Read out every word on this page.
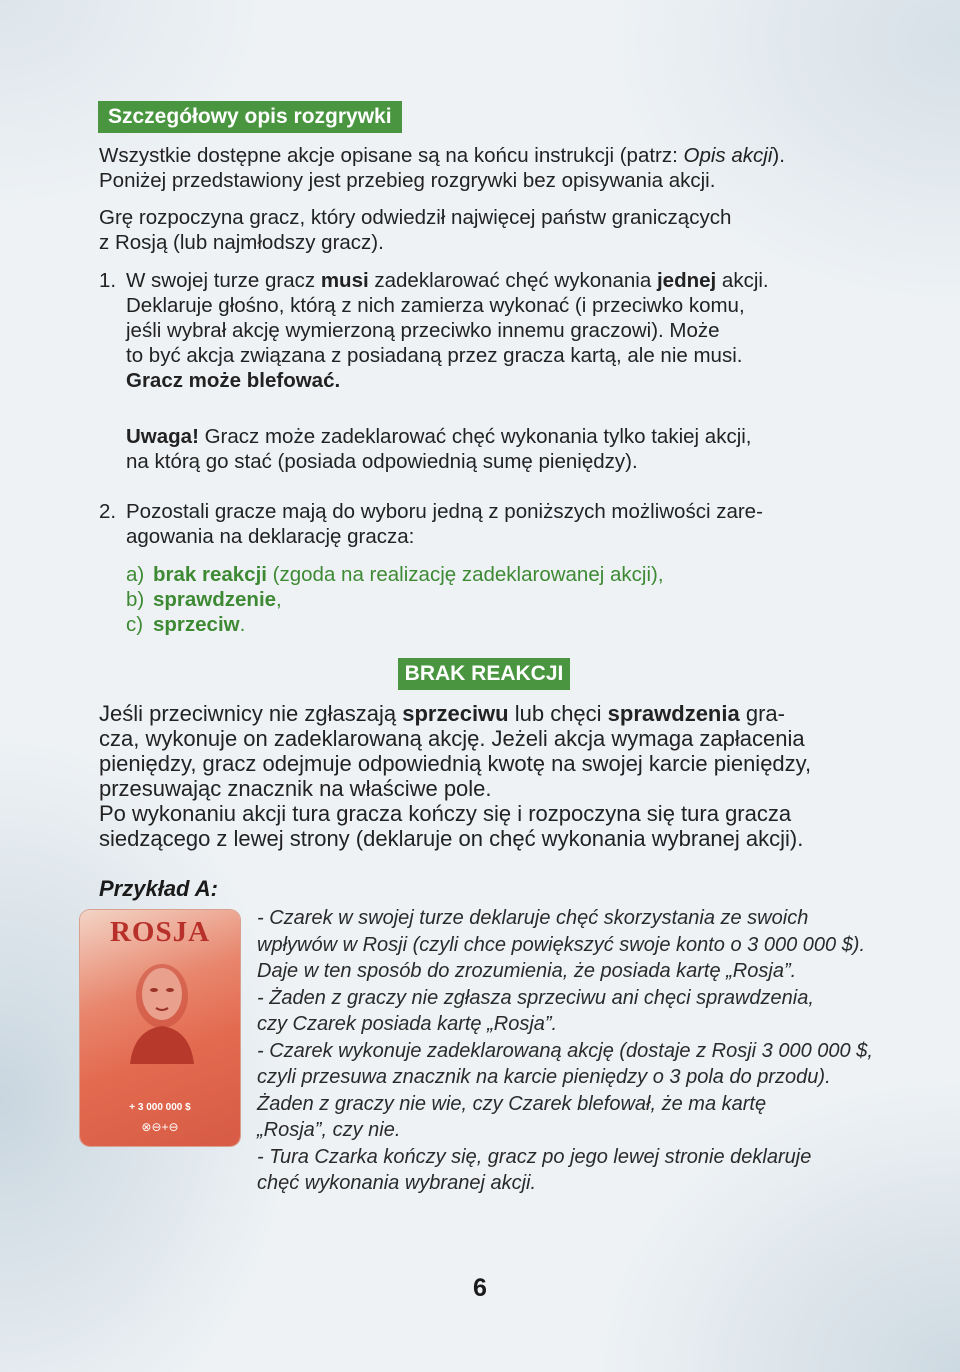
Szczegółowy opis rozgrywki
Wszystkie dostępne akcje opisane są na końcu instrukcji (patrz: Opis akcji).
Poniżej przedstawiony jest przebieg rozgrywki bez opisywania akcji.
Grę rozpoczyna gracz, który odwiedził najwięcej państw graniczących
z Rosją (lub najmłodszy gracz).
1. W swojej turze gracz musi zadeklarować chęć wykonania jednej akcji.
Deklaruje głośno, którą z nich zamierza wykonać (i przeciwko komu,
jeśli wybrał akcję wymierzoną przeciwko innemu graczowi). Może
to być akcja związana z posiadaną przez gracza kartą, ale nie musi.
Gracz może blefować.
Uwaga! Gracz może zadeklarować chęć wykonania tylko takiej akcji,
na którą go stać (posiada odpowiednią sumę pieniędzy).
2. Pozostali gracze mają do wyboru jedną z poniższych możliwości zare-
agowania na deklarację gracza:
a) brak reakcji (zgoda na realizację zadeklarowanej akcji),
b) sprawdzenie,
c) sprzeciw.
BRAK REAKCJI
Jeśli przeciwnicy nie zgłaszają sprzeciwu lub chęci sprawdzenia gra-
cza, wykonuje on zadeklarowaną akcję. Jeżeli akcja wymaga zapłacenia
pieniędzy, gracz odejmuje odpowiednią kwotę na swojej karcie pieniędzy,
przesuwając znacznik na właściwe pole.
Po wykonaniu akcji tura gracza kończy się i rozpoczyna się tura gracza
siedzącego z lewej strony (deklaruje on chęć wykonania wybranej akcji).
Przykład A:
ROSJA
+ 3 000 000 $
⊗⊖+⊖
- Czarek w swojej turze deklaruje chęć skorzystania ze swoich
wpływów w Rosji (czyli chce powiększyć swoje konto o 3 000 000 $).
Daje w ten sposób do zrozumienia, że posiada kartę „Rosja”.
- Żaden z graczy nie zgłasza sprzeciwu ani chęci sprawdzenia,
czy Czarek posiada kartę „Rosja”.
- Czarek wykonuje zadeklarowaną akcję (dostaje z Rosji 3 000 000 $,
czyli przesuwa znacznik na karcie pieniędzy o 3 pola do przodu).
Żaden z graczy nie wie, czy Czarek blefował, że ma kartę
„Rosja”, czy nie.
- Tura Czarka kończy się, gracz po jego lewej stronie deklaruje
chęć wykonania wybranej akcji.
6
